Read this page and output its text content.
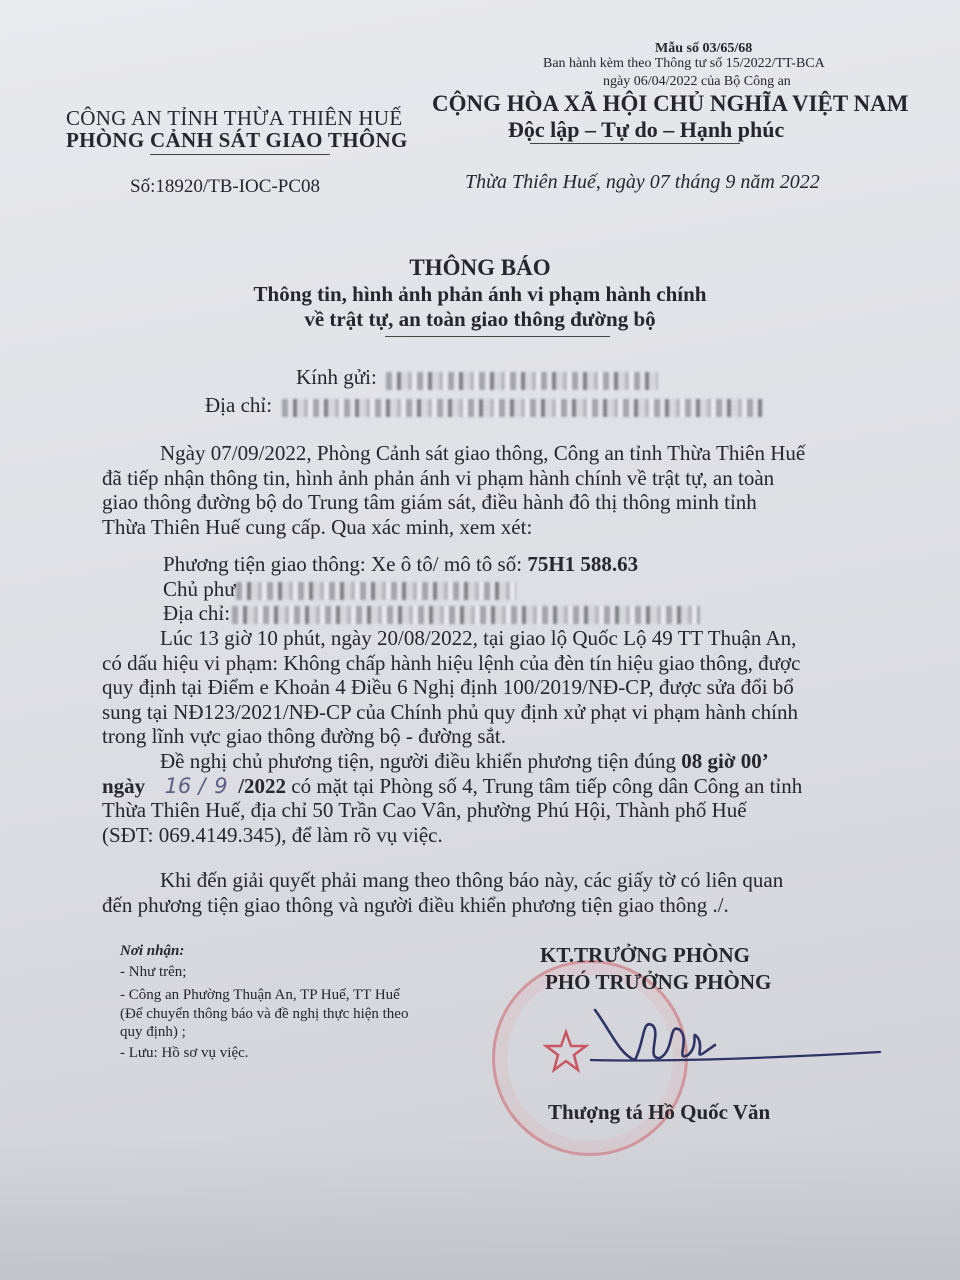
Mẫu số 03/65/68
Ban hành kèm theo Thông tư số 15/2022/TT-BCA
ngày 06/04/2022 của Bộ Công an
CÔNG AN TỈNH THỪA THIÊN HUẾ
PHÒNG CẢNH SÁT GIAO THÔNG
CỘNG HÒA XÃ HỘI CHỦ NGHĨA VIỆT NAM
Độc lập – Tự do – Hạnh phúc
Số:18920/TB-IOC-PC08	Thừa Thiên Huế, ngày 07 tháng 9 năm 2022
THÔNG BÁO
Thông tin, hình ảnh phản ánh vi phạm hành chính
về trật tự, an toàn giao thông đường bộ
Kính gửi:
Địa chỉ:
Ngày 07/09/2022, Phòng Cảnh sát giao thông, Công an tỉnh Thừa Thiên Huế
đã tiếp nhận thông tin, hình ảnh phản ánh vi phạm hành chính về trật tự, an toàn
giao thông đường bộ do Trung tâm giám sát, điều hành đô thị thông minh tỉnh
Thừa Thiên Huế cung cấp. Qua xác minh, xem xét:
Phương tiện giao thông: Xe ô tô/ mô tô số: 75H1 588.63
Chủ phư
Địa chỉ:
Lúc 13 giờ 10 phút, ngày 20/08/2022, tại giao lộ Quốc Lộ 49 TT Thuận An,
có dấu hiệu vi phạm: Không chấp hành hiệu lệnh của đèn tín hiệu giao thông, được
quy định tại Điểm e Khoản 4 Điều 6 Nghị định 100/2019/NĐ-CP, được sửa đổi bổ
sung tại NĐ123/2021/NĐ-CP của Chính phủ quy định xử phạt vi phạm hành chính
trong lĩnh vực giao thông đường bộ - đường sắt.
Đề nghị chủ phương tiện, người điều khiển phương tiện đúng 08 giờ 00’
ngày 16 / 9 /2022 có mặt tại Phòng số 4, Trung tâm tiếp công dân Công an tỉnh
Thừa Thiên Huế, địa chỉ 50 Trần Cao Vân, phường Phú Hội, Thành phố Huế
(SĐT: 069.4149.345), để làm rõ vụ việc.
Khi đến giải quyết phải mang theo thông báo này, các giấy tờ có liên quan
đến phương tiện giao thông và người điều khiển phương tiện giao thông ./.
Nơi nhận:
- Như trên;
- Công an Phường Thuận An, TP Huế, TT Huế
(Để chuyển thông báo và đề nghị thực hiện theo
quy định) ;
- Lưu: Hồ sơ vụ việc.
KT.TRƯỞNG PHÒNG
PHÓ TRƯỞNG PHÒNG
Thượng tá Hồ Quốc Văn
